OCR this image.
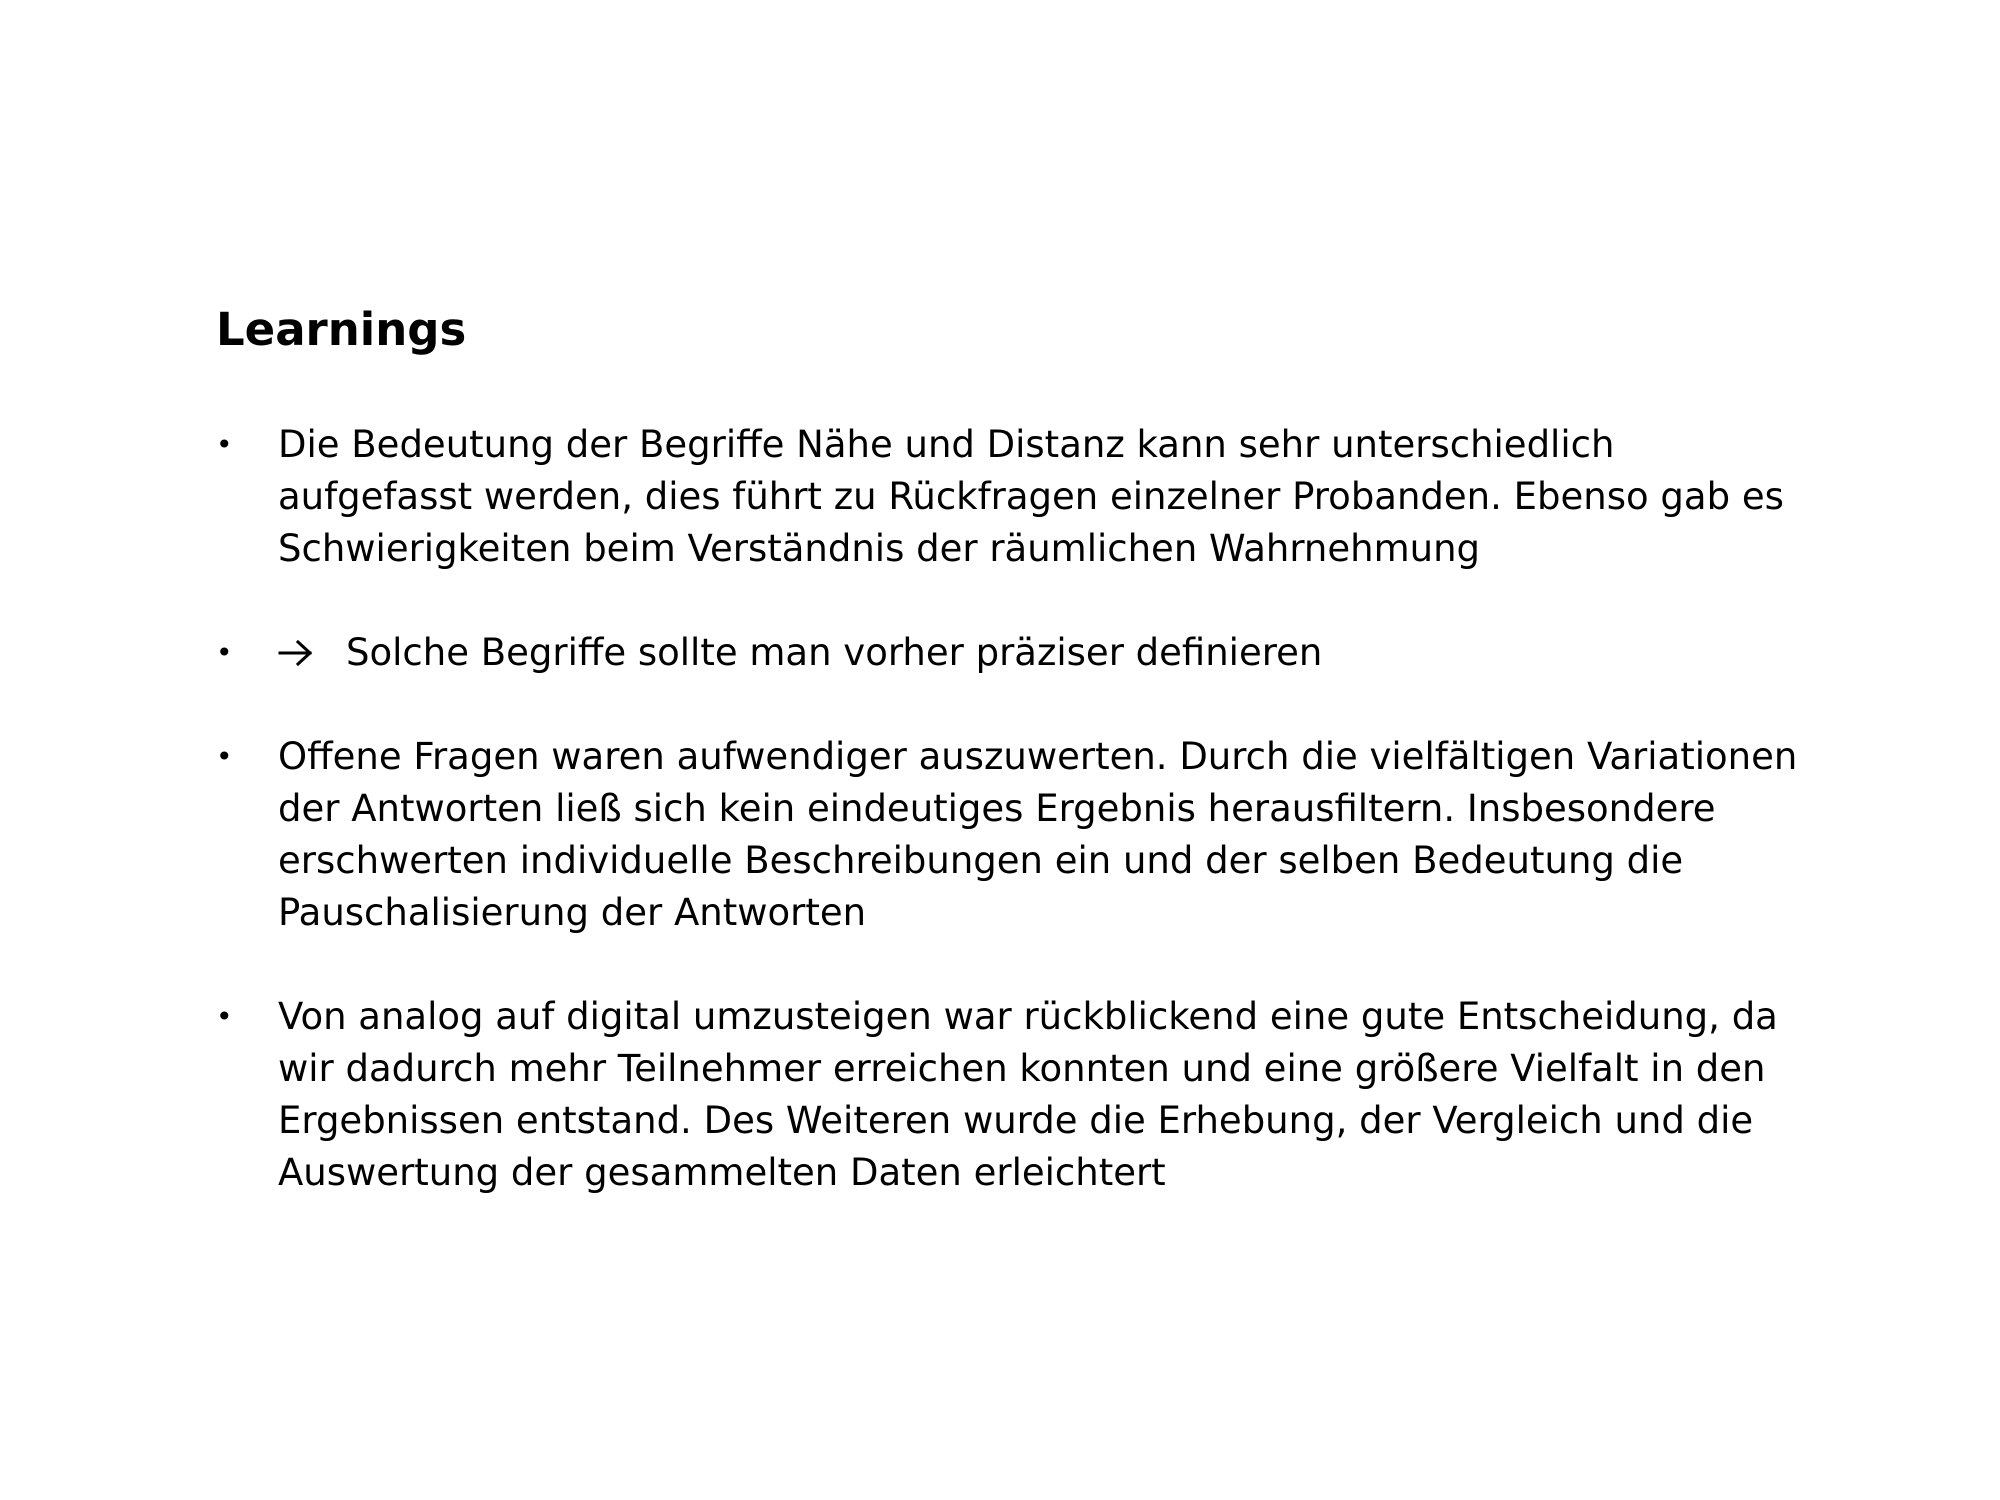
Learnings
•	Die Bedeutung der Begriffe Nähe und Distanz kann sehr unterschiedlich aufgefasst werden, dies führt zu Rückfragen einzelner Probanden. Ebenso gab es Schwierigkeiten beim Verständnis der räumlichen Wahrnehmung
•	Solche Begriffe sollte man vorher präziser definieren
•	Offene Fragen waren aufwendiger auszuwerten. Durch die vielfältigen Variationen der Antworten ließ sich kein eindeutiges Ergebnis herausfiltern. Insbesondere erschwerten individuelle Beschreibungen ein und der selben Bedeutung die Pauschalisierung der Antworten
•	Von analog auf digital umzusteigen war rückblickend eine gute Entscheidung, da wir dadurch mehr Teilnehmer erreichen konnten und eine größere Vielfalt in den Ergebnissen entstand. Des Weiteren wurde die Erhebung, der Vergleich und die Auswertung der gesammelten Daten erleichtert
